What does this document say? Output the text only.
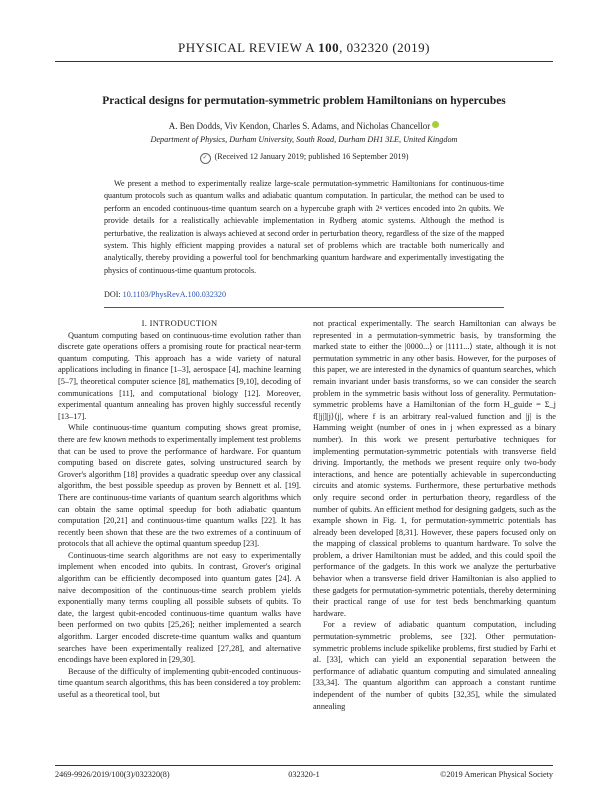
PHYSICAL REVIEW A 100, 032320 (2019)
Practical designs for permutation-symmetric problem Hamiltonians on hypercubes
A. Ben Dodds, Viv Kendon, Charles S. Adams, and Nicholas Chancellor
Department of Physics, Durham University, South Road, Durham DH1 3LE, United Kingdom
✓ (Received 12 January 2019; published 16 September 2019)

We present a method to experimentally realize large-scale permutation-symmetric Hamiltonians for continuous-time quantum protocols such as quantum walks and adiabatic quantum computation. In particular, the method can be used to perform an encoded continuous-time quantum search on a hypercube graph with 2ⁿ vertices encoded into 2n qubits. We provide details for a realistically achievable implementation in Rydberg atomic systems. Although the method is perturbative, the realization is always achieved at second order in perturbation theory, regardless of the size of the mapped system. This highly efficient mapping provides a natural set of problems which are tractable both numerically and analytically, thereby providing a powerful tool for benchmarking quantum hardware and experimentally investigating the physics of continuous-time quantum protocols.

DOI: 10.1103/PhysRevA.100.032320

I. INTRODUCTION

Quantum computing based on continuous-time evolution rather than discrete gate operations offers a promising route for practical near-term quantum computing. This approach has a wide variety of natural applications including in finance [1–3], aerospace [4], machine learning [5–7], theoretical computer science [8], mathematics [9,10], decoding of communications [11], and computational biology [12]. Moreover, experimental quantum annealing has proven highly successful recently [13–17].

While continuous-time quantum computing shows great promise, there are few known methods to experimentally implement test problems that can be used to prove the performance of hardware. For quantum computing based on discrete gates, solving unstructured search by Grover's algorithm [18] provides a quadratic speedup over any classical algorithm, the best possible speedup as proven by Bennett et al. [19]. There are continuous-time variants of quantum search algorithms which can obtain the same optimal speedup for both adiabatic quantum computation [20,21] and continuous-time quantum walks [22]. It has recently been shown that these are the two extremes of a continuum of protocols that all achieve the optimal quantum speedup [23].

Continuous-time search algorithms are not easy to experimentally implement when encoded into qubits. In contrast, Grover's original algorithm can be efficiently decomposed into quantum gates [24]. A naive decomposition of the continuous-time search problem yields exponentially many terms coupling all possible subsets of qubits. To date, the largest qubit-encoded continuous-time quantum walks have been performed on two qubits [25,26]; neither implemented a search algorithm. Larger encoded discrete-time quantum walks and quantum searches have been experimentally realized [27,28], and alternative encodings have been explored in [29,30].

Because of the difficulty of implementing qubit-encoded continuous-time quantum search algorithms, this has been considered a toy problem: useful as a theoretical tool, but

not practical experimentally. The search Hamiltonian can always be represented in a permutation-symmetric basis, by transforming the marked state to either the |0000...⟩ or |1111...⟩ state, although it is not permutation symmetric in any other basis. However, for the purposes of this paper, we are interested in the dynamics of quantum searches, which remain invariant under basis transforms, so we can consider the search problem in the symmetric basis without loss of generality. Permutation-symmetric problems have a Hamiltonian of the form H_guide = Σ_j f[|j|]|j⟩⟨j|, where f is an arbitrary real-valued function and |j| is the Hamming weight (number of ones in j when expressed as a binary number). In this work we present perturbative techniques for implementing permutation-symmetric potentials with transverse field driving. Importantly, the methods we present require only two-body interactions, and hence are potentially achievable in superconducting circuits and atomic systems. Furthermore, these perturbative methods only require second order in perturbation theory, regardless of the number of qubits. An efficient method for designing gadgets, such as the example shown in Fig. 1, for permutation-symmetric potentials has already been developed [8,31]. However, these papers focused only on the mapping of classical problems to quantum hardware. To solve the problem, a driver Hamiltonian must be added, and this could spoil the performance of the gadgets. In this work we analyze the perturbative behavior when a transverse field driver Hamiltonian is also applied to these gadgets for permutation-symmetric potentials, thereby determining their practical range of use for test beds benchmarking quantum hardware.

For a review of adiabatic quantum computation, including permutation-symmetric problems, see [32]. Other permutation-symmetric problems include spikelike problems, first studied by Farhi et al. [33], which can yield an exponential separation between the performance of adiabatic quantum computing and simulated annealing [33,34]. The quantum algorithm can approach a constant runtime independent of the number of qubits [32,35], while the simulated annealing

2469-9926/2019/100(3)/032320(8)	032320-1	©2019 American Physical Society
